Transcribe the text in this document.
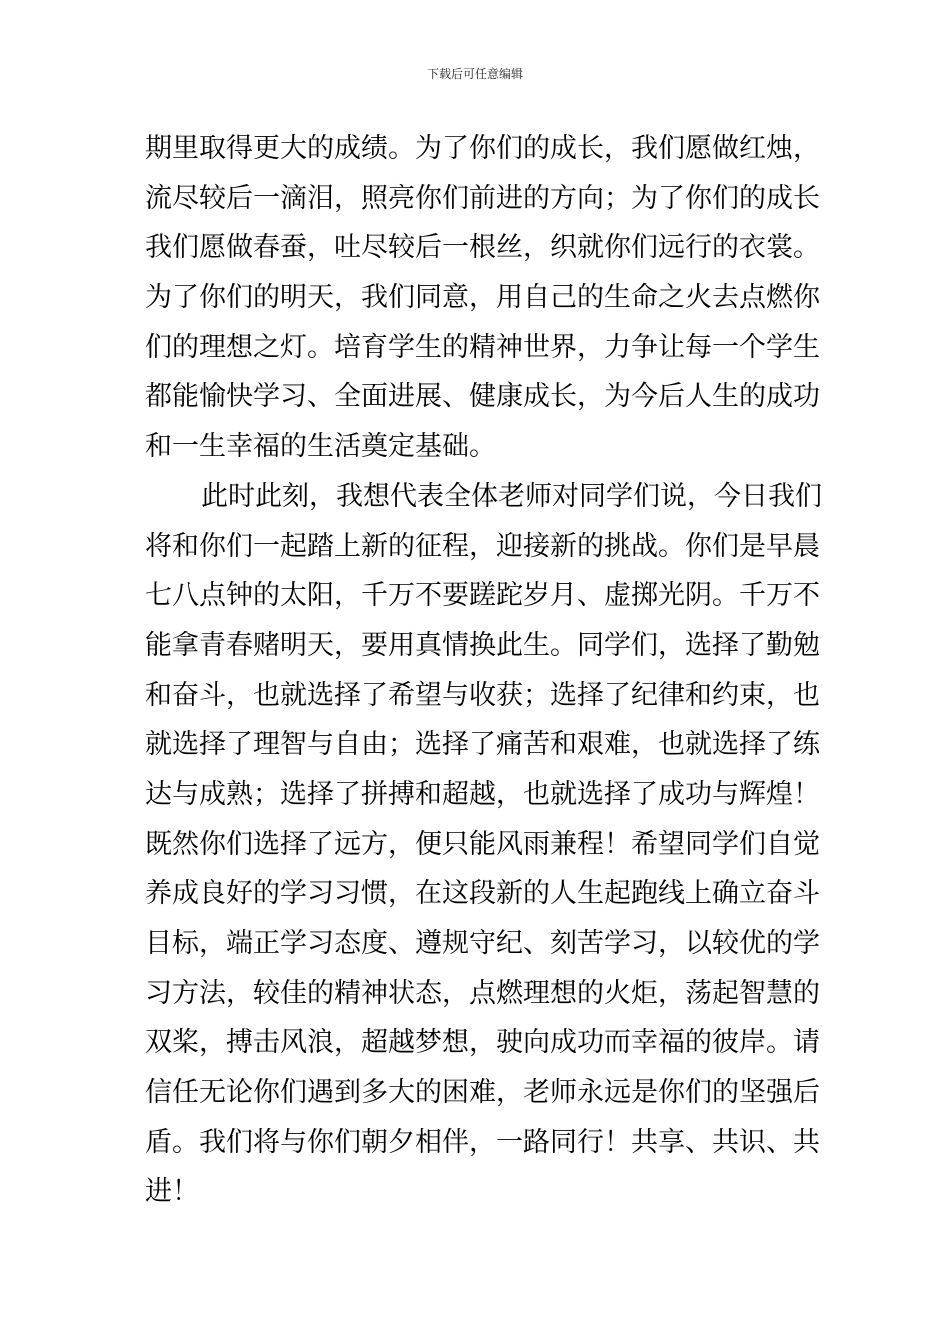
下载后可任意编辑
期里取得更大的成绩。为了你们的成长，我们愿做红烛，
流尽较后一滴泪，照亮你们前进的方向；为了你们的成长
我们愿做春蚕，吐尽较后一根丝，织就你们远行的衣裳。
为了你们的明天，我们同意，用自己的生命之火去点燃你
们的理想之灯。培育学生的精神世界，力争让每一个学生
都能愉快学习、全面进展、健康成长，为今后人生的成功
和一生幸福的生活奠定基础。
此时此刻，我想代表全体老师对同学们说，今日我们
将和你们一起踏上新的征程，迎接新的挑战。你们是早晨
七八点钟的太阳，千万不要蹉跎岁月、虚掷光阴。千万不
能拿青春赌明天，要用真情换此生。同学们，选择了勤勉
和奋斗，也就选择了希望与收获；选择了纪律和约束，也
就选择了理智与自由；选择了痛苦和艰难，也就选择了练
达与成熟；选择了拼搏和超越，也就选择了成功与辉煌！
既然你们选择了远方，便只能风雨兼程！希望同学们自觉
养成良好的学习习惯，在这段新的人生起跑线上确立奋斗
目标，端正学习态度、遵规守纪、刻苦学习，以较优的学
习方法，较佳的精神状态，点燃理想的火炬，荡起智慧的
双桨，搏击风浪，超越梦想，驶向成功而幸福的彼岸。请
信任无论你们遇到多大的困难，老师永远是你们的坚强后
盾。我们将与你们朝夕相伴，一路同行！共享、共识、共
进！
